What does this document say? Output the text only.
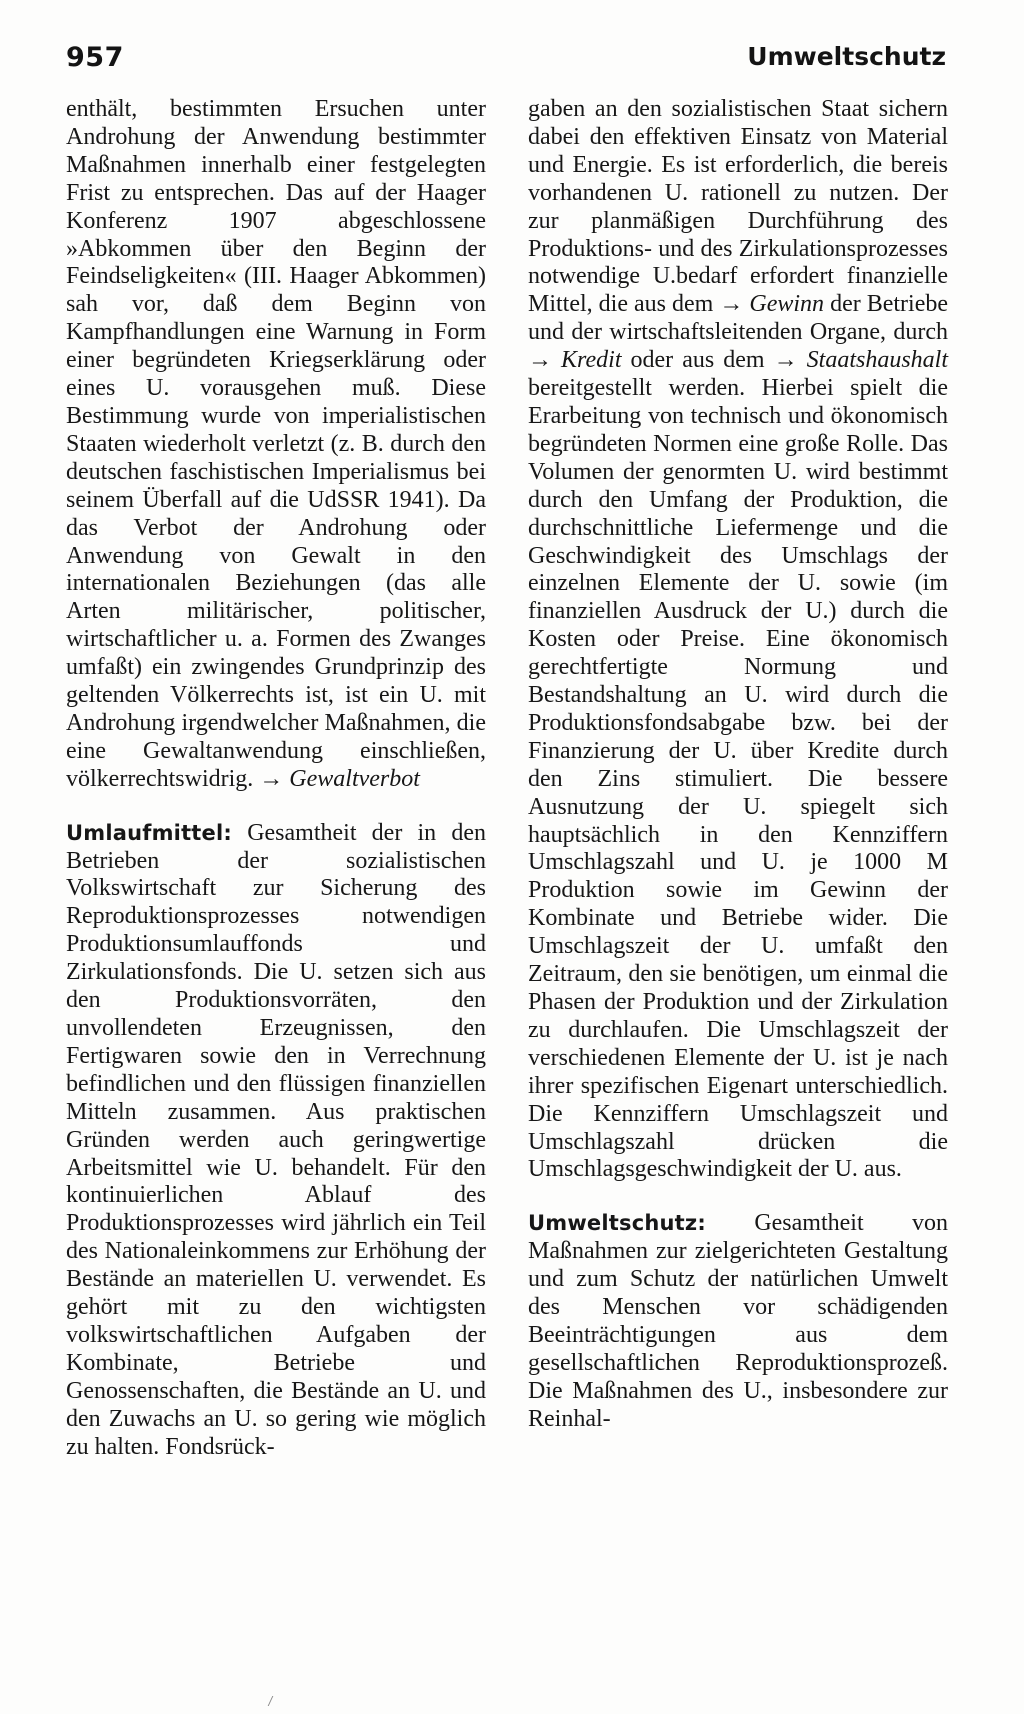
957	Umweltschutz

enthält, bestimmten Ersuchen unter Androhung der Anwendung bestimmter Maßnahmen innerhalb einer festgelegten Frist zu entsprechen. Das auf der Haager Konferenz 1907 abgeschlossene »Abkommen über den Beginn der Feindseligkeiten« (III. Haager Abkommen) sah vor, daß dem Beginn von Kampfhandlungen eine Warnung in Form einer begründeten Kriegserklärung oder eines U. vorausgehen muß. Diese Bestimmung wurde von imperialistischen Staaten wiederholt verletzt (z. B. durch den deutschen faschistischen Imperialismus bei seinem Überfall auf die UdSSR 1941). Da das Verbot der Androhung oder Anwendung von Gewalt in den internationalen Beziehungen (das alle Arten militärischer, politischer, wirtschaftlicher u. a. Formen des Zwanges umfaßt) ein zwingendes Grundprinzip des geltenden Völkerrechts ist, ist ein U. mit Androhung irgendwelcher Maßnahmen, die eine Gewaltanwendung einschließen, völkerrechtswidrig. → Gewaltverbot

Umlaufmittel: Gesamtheit der in den Betrieben der sozialistischen Volkswirtschaft zur Sicherung des Reproduktionsprozesses notwendigen Produktionsumlauffonds und Zirkulationsfonds. Die U. setzen sich aus den Produktionsvorräten, den unvollendeten Erzeugnissen, den Fertigwaren sowie den in Verrechnung befindlichen und den flüssigen finanziellen Mitteln zusammen. Aus praktischen Gründen werden auch geringwertige Arbeitsmittel wie U. behandelt. Für den kontinuierlichen Ablauf des Produktionsprozesses wird jährlich ein Teil des Nationaleinkommens zur Erhöhung der Bestände an materiellen U. verwendet. Es gehört mit zu den wichtigsten volkswirtschaftlichen Aufgaben der Kombinate, Betriebe und Genossenschaften, die Bestände an U. und den Zuwachs an U. so gering wie möglich zu halten. Fondsrück-

gaben an den sozialistischen Staat sichern dabei den effektiven Einsatz von Material und Energie. Es ist erforderlich, die bereis vorhandenen U. rationell zu nutzen. Der zur planmäßigen Durchführung des Produktions- und des Zirkulationsprozesses notwendige U.bedarf erfordert finanzielle Mittel, die aus dem → Gewinn der Betriebe und der wirtschaftsleitenden Organe, durch → Kredit oder aus dem → Staatshaushalt bereitgestellt werden. Hierbei spielt die Erarbeitung von technisch und ökonomisch begründeten Normen eine große Rolle. Das Volumen der genormten U. wird bestimmt durch den Umfang der Produktion, die durchschnittliche Liefermenge und die Geschwindigkeit des Umschlags der einzelnen Elemente der U. sowie (im finanziellen Ausdruck der U.) durch die Kosten oder Preise. Eine ökonomisch gerechtfertigte Normung und Bestandshaltung an U. wird durch die Produktionsfondsabgabe bzw. bei der Finanzierung der U. über Kredite durch den Zins stimuliert. Die bessere Ausnutzung der U. spiegelt sich hauptsächlich in den Kennziffern Umschlagszahl und U. je 1000 M Produktion sowie im Gewinn der Kombinate und Betriebe wider. Die Umschlagszeit der U. umfaßt den Zeitraum, den sie benötigen, um einmal die Phasen der Produktion und der Zirkulation zu durchlaufen. Die Umschlagszeit der verschiedenen Elemente der U. ist je nach ihrer spezifischen Eigenart unterschiedlich. Die Kennziffern Umschlagszeit und Umschlagszahl drücken die Umschlagsgeschwindigkeit der U. aus.

Umweltschutz: Gesamtheit von Maßnahmen zur zielgerichteten Gestaltung und zum Schutz der natürlichen Umwelt des Menschen vor schädigenden Beeinträchtigungen aus dem gesellschaftlichen Reproduktionsprozeß. Die Maßnahmen des U., insbesondere zur Reinhal-
